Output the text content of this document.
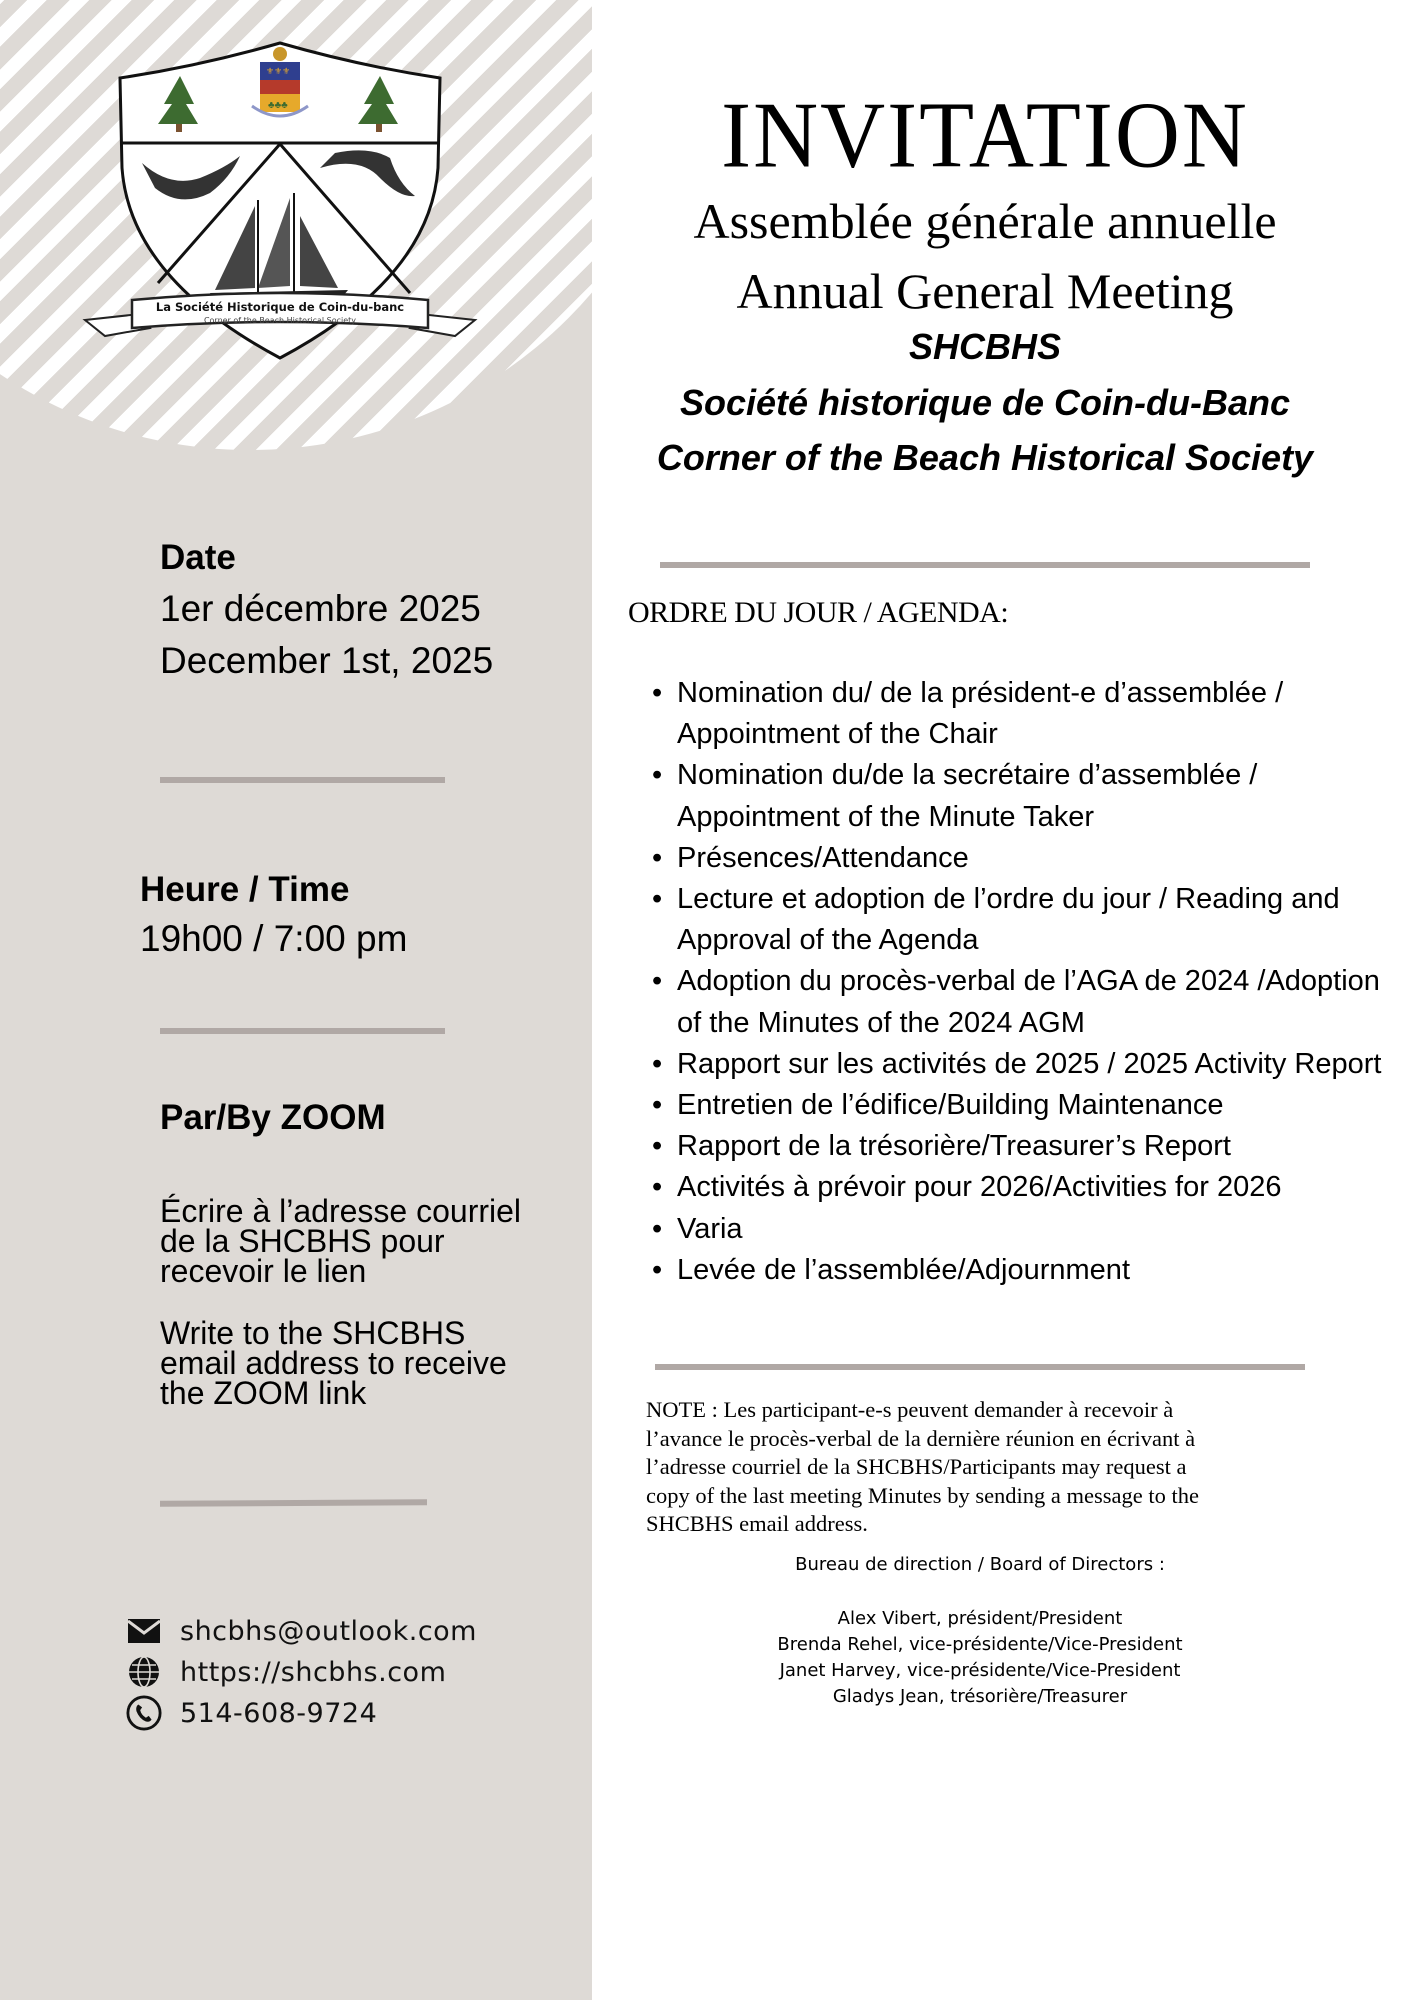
⚜⚜⚜
♣♣♣
La Société Historique de Coin-du-banc
Corner of the Beach Historical Society
Date
1er décembre 2025
December 1st, 2025
Heure / Time
19h00 / 7:00 pm
Par/By ZOOM
Écrire à l’adresse courriel
de la SHCBHS pour
recevoir le lien
Write to the SHCBHS
email address to receive
the ZOOM link
shcbhs@outlook.com
https://shcbhs.com
514-608-9724
INVITATION
Assemblée générale annuelle
Annual General Meeting
SHCBHS
Société historique de Coin-du-Banc
Corner of the Beach Historical Society
ORDRE DU JOUR / AGENDA:
• Nomination du/ de la président-e d’assemblée /
Appointment of the Chair
• Nomination du/de la secrétaire d’assemblée /
Appointment of the Minute Taker
• Présences/Attendance
• Lecture et adoption de l’ordre du jour / Reading and
Approval of the Agenda
• Adoption du procès-verbal de l’AGA de 2024 /Adoption
of the Minutes of the 2024 AGM
• Rapport sur les activités de 2025 / 2025 Activity Report
• Entretien de l’édifice/Building Maintenance
• Rapport de la trésorière/Treasurer’s Report
• Activités à prévoir pour 2026/Activities for 2026
• Varia
• Levée de l’assemblée/Adjournment
NOTE : Les participant-e-s peuvent demander à recevoir à
l’avance le procès-verbal de la dernière réunion en écrivant à
l’adresse courriel de la SHCBHS/Participants may request a
copy of the last meeting Minutes by sending a message to the
SHCBHS email address.
Bureau de direction / Board of Directors :
Alex Vibert, président/President
Brenda Rehel, vice-présidente/Vice-President
Janet Harvey, vice-présidente/Vice-President
Gladys Jean, trésorière/Treasurer
